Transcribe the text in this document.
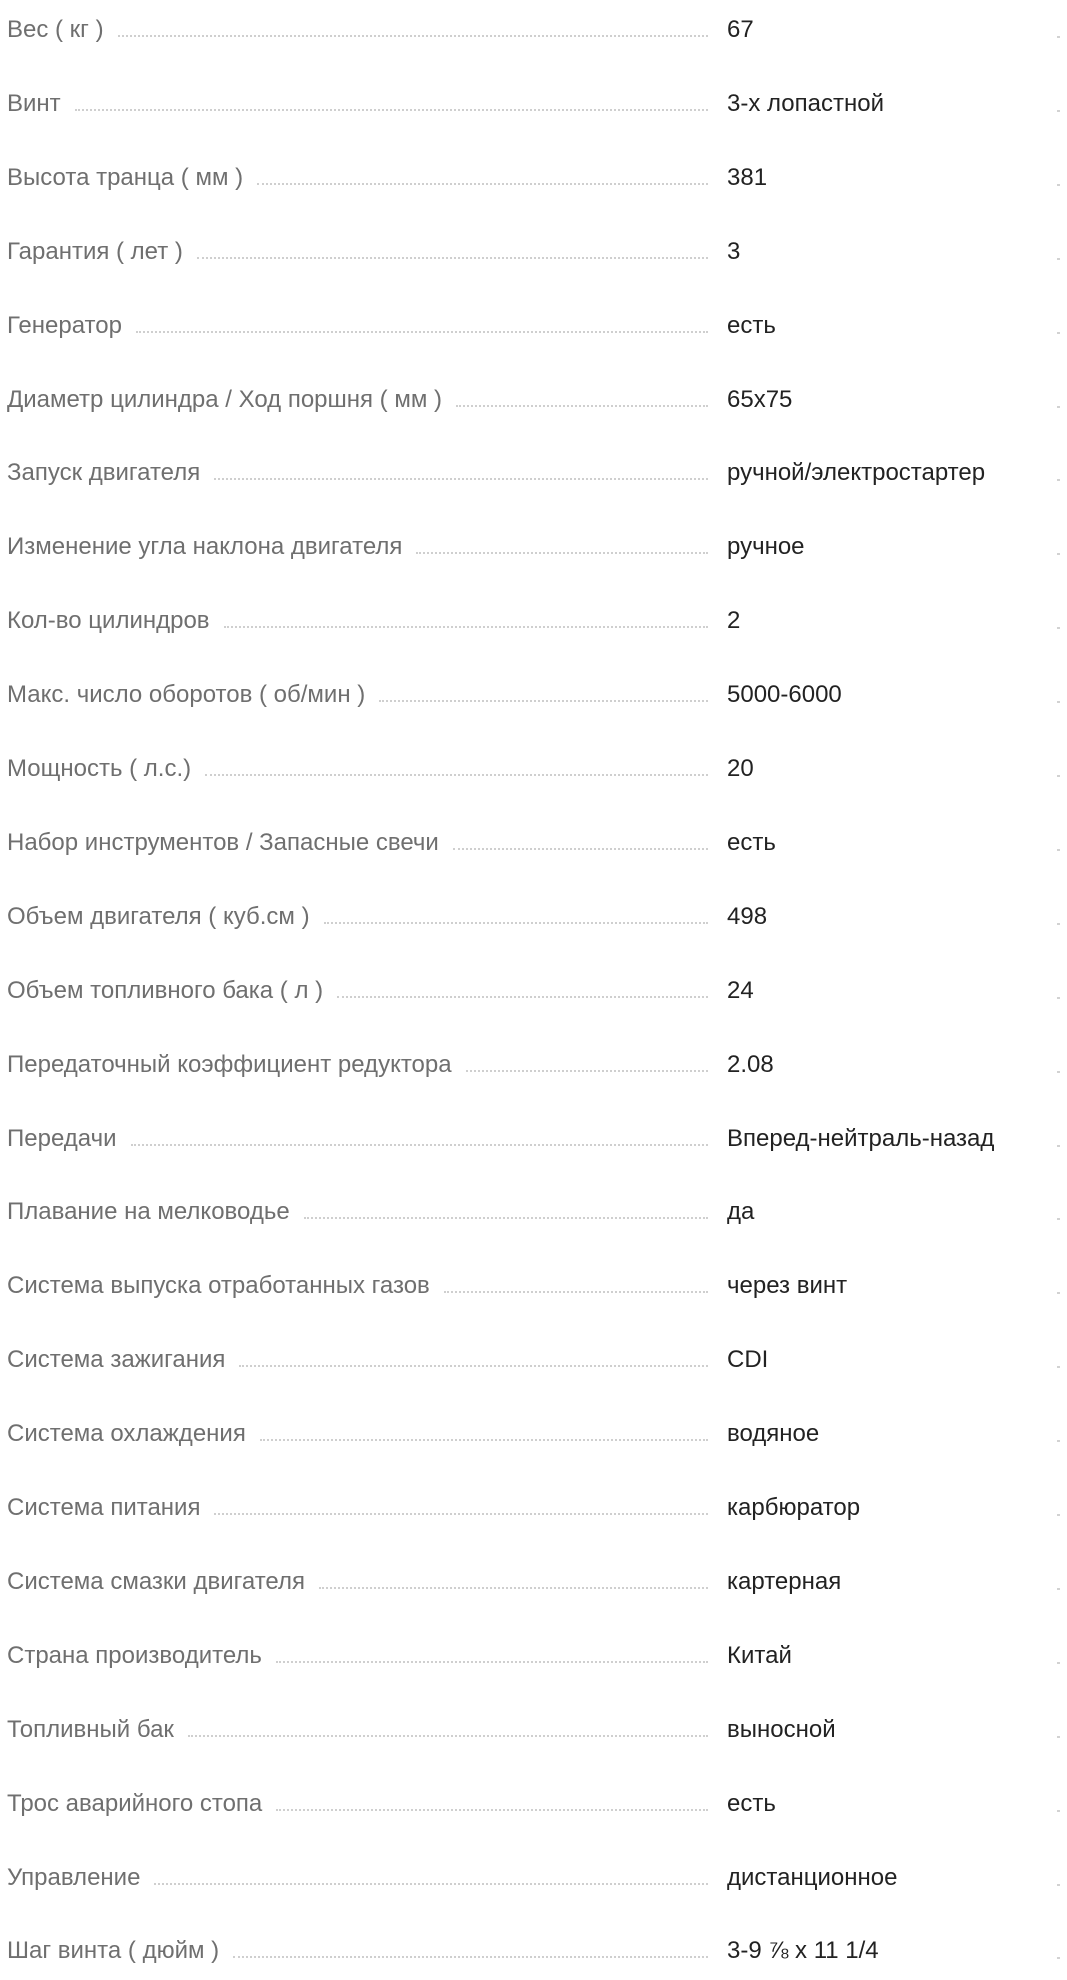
Вес ( кг )	67
Винт	3-х лопастной
Высота транца ( мм )	381
Гарантия ( лет )	3
Генератор	есть
Диаметр цилиндра / Ход поршня ( мм )	65x75
Запуск двигателя	ручной/электростартер
Изменение угла наклона двигателя	ручное
Кол-во цилиндров	2
Макс. число оборотов ( об/мин )	5000-6000
Мощность ( л.с.)	20
Набор инструментов / Запасные свечи	есть
Объем двигателя ( куб.см )	498
Объем топливного бака ( л )	24
Передаточный коэффициент редуктора	2.08
Передачи	Вперед-нейтраль-назад
Плавание на мелководье	да
Система выпуска отработанных газов	через винт
Система зажигания	CDI
Система охлаждения	водяное
Система питания	карбюратор
Система смазки двигателя	картерная
Страна производитель	Китай
Топливный бак	выносной
Трос аварийного стопа	есть
Управление	дистанционное
Шаг винта ( дюйм )	3-9 ⅞ x 11 1/4
